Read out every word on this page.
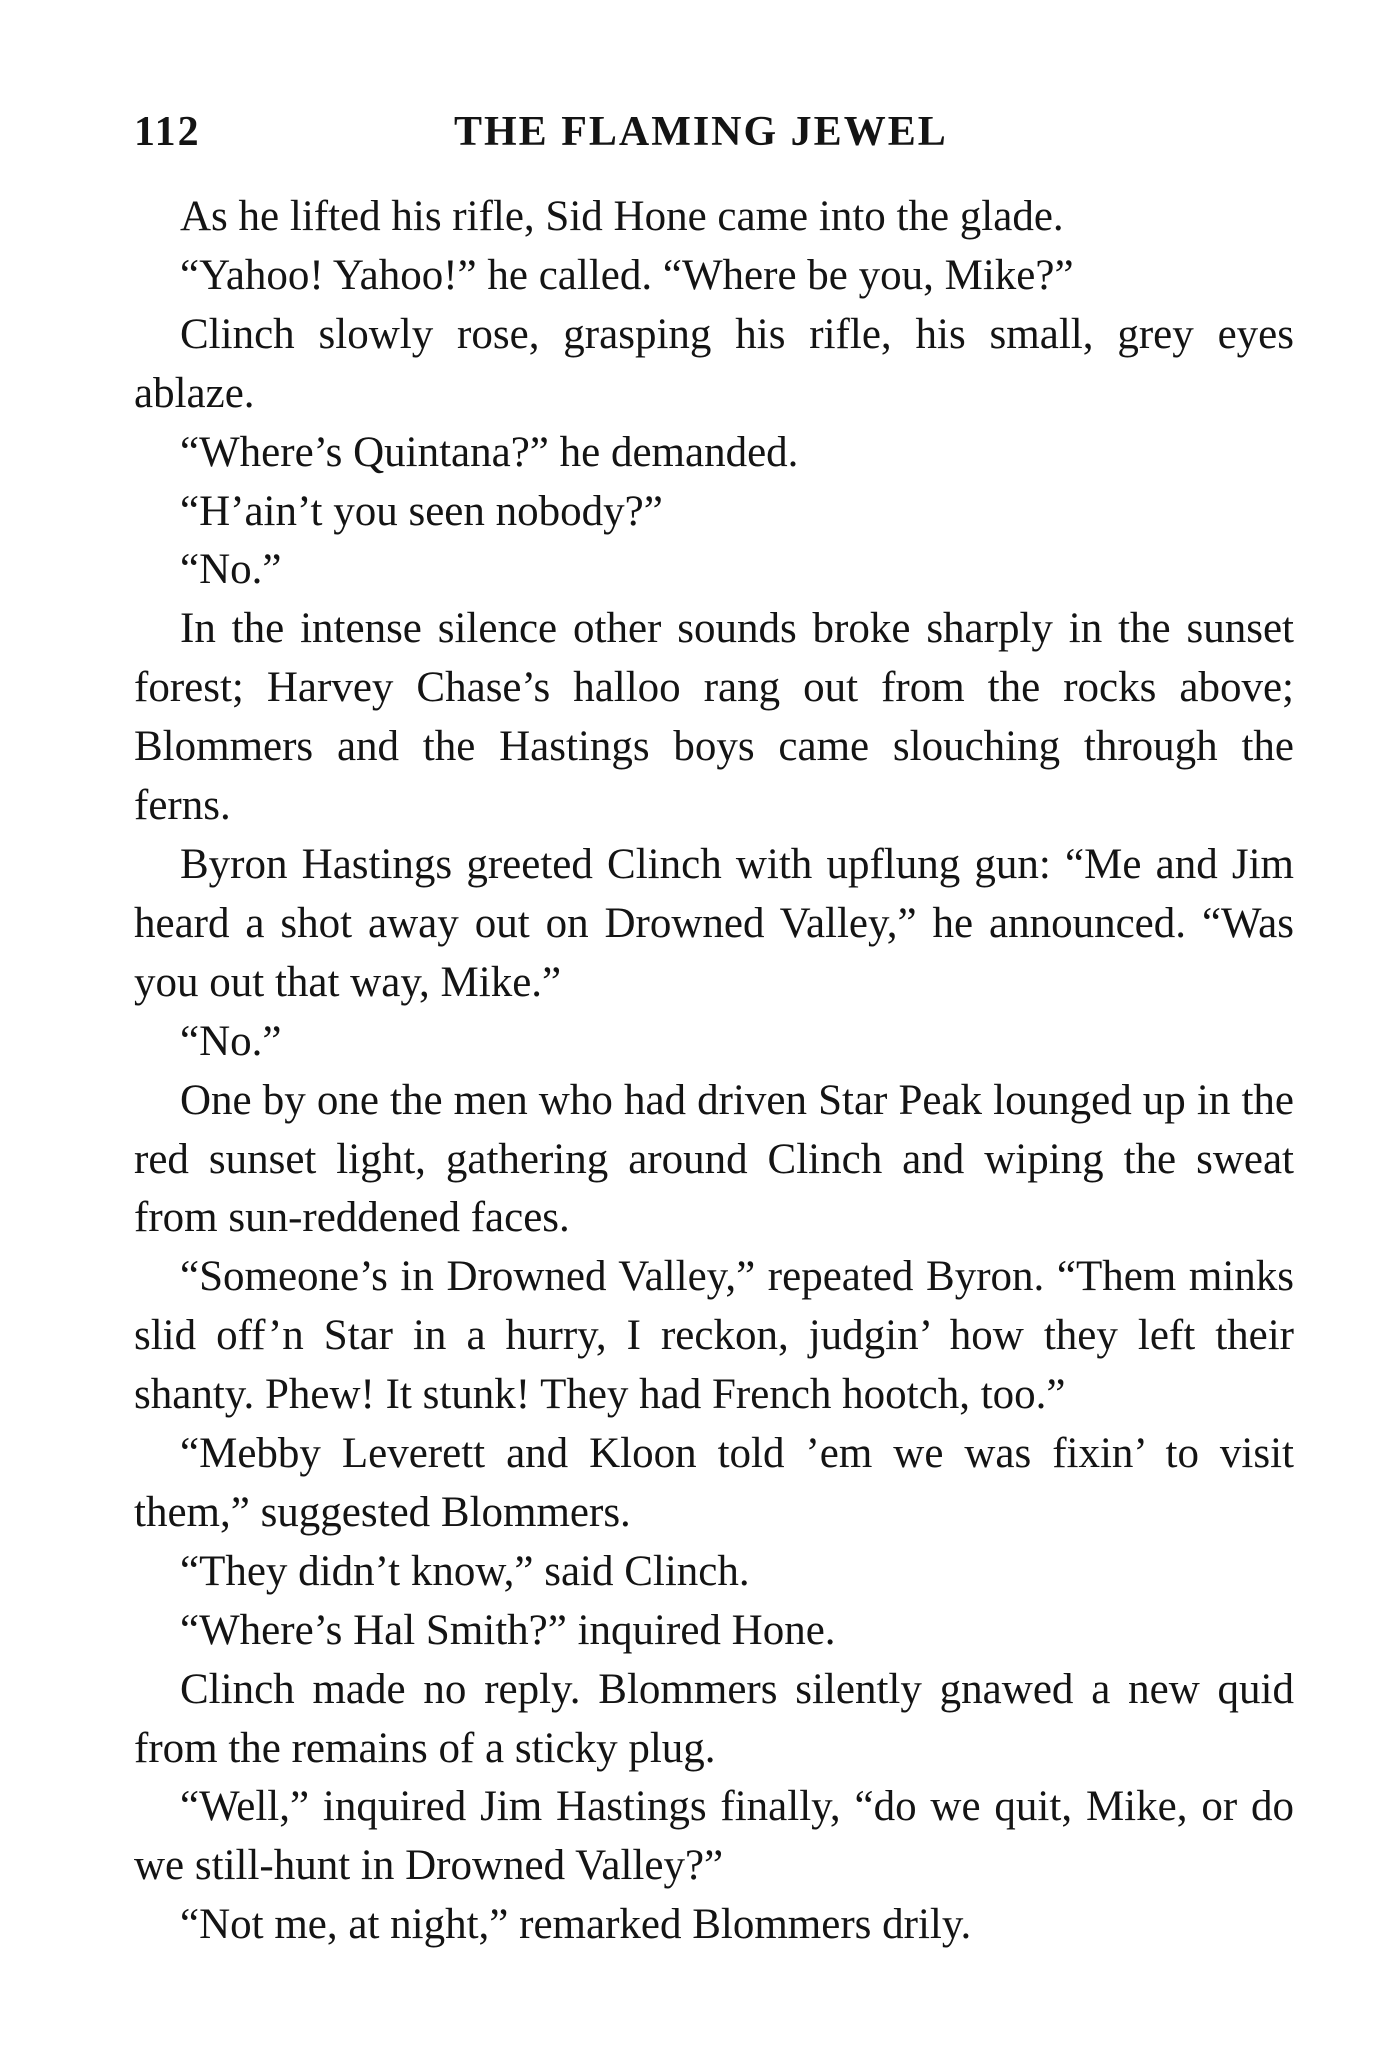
112	THE FLAMING JEWEL

As he lifted his rifle, Sid Hone came into the glade.

“Yahoo! Yahoo!” he called. “Where be you, Mike?”

Clinch slowly rose, grasping his rifle, his small, grey eyes ablaze.

“Where’s Quintana?” he demanded.

“H’ain’t you seen nobody?”

“No.”

In the intense silence other sounds broke sharply in the sunset forest; Harvey Chase’s halloo rang out from the rocks above; Blommers and the Hastings boys came slouching through the ferns.

Byron Hastings greeted Clinch with upflung gun: “Me and Jim heard a shot away out on Drowned Valley,” he announced. “Was you out that way, Mike.”

“No.”

One by one the men who had driven Star Peak lounged up in the red sunset light, gathering around Clinch and wiping the sweat from sun-reddened faces.

“Someone’s in Drowned Valley,” repeated Byron. “Them minks slid off’n Star in a hurry, I reckon, judgin’ how they left their shanty. Phew! It stunk! They had French hootch, too.”

“Mebby Leverett and Kloon told ’em we was fixin’ to visit them,” suggested Blommers.

“They didn’t know,” said Clinch.

“Where’s Hal Smith?” inquired Hone.

Clinch made no reply. Blommers silently gnawed a new quid from the remains of a sticky plug.

“Well,” inquired Jim Hastings finally, “do we quit, Mike, or do we still-hunt in Drowned Valley?”

“Not me, at night,” remarked Blommers drily.
